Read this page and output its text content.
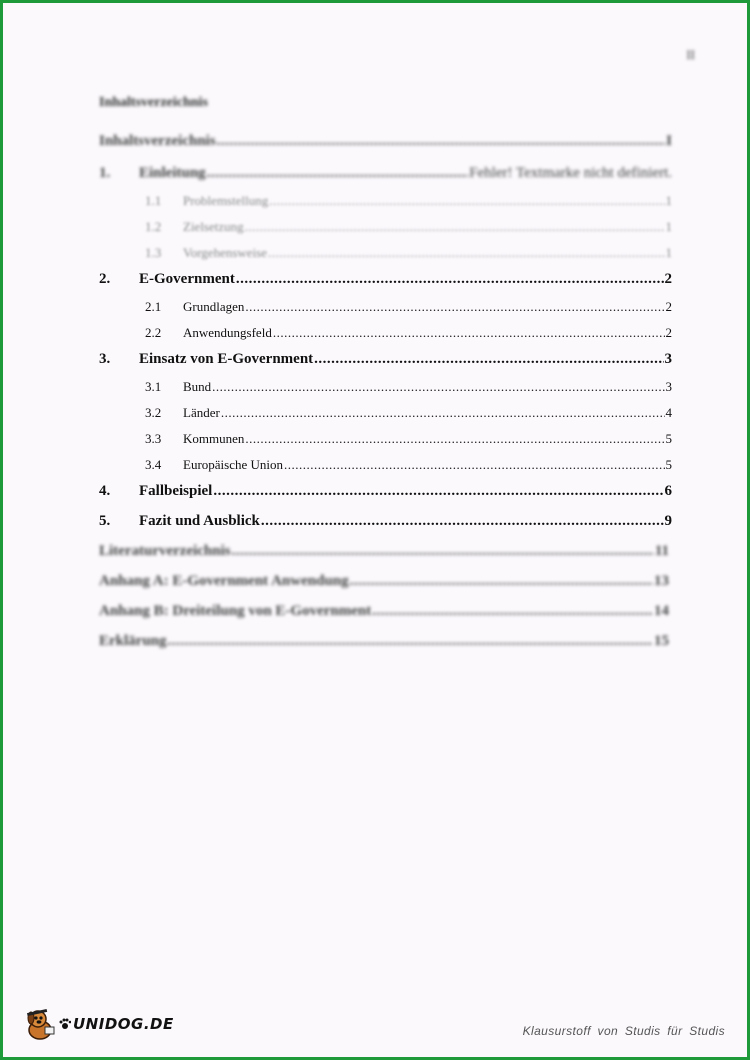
II
Inhaltsverzeichnis
Inhaltsverzeichnis .....	I
1. Einleitung .....	Fehler! Textmarke nicht definiert.
1.1 Problemstellung .....	1
1.2 Zielsetzung .....	1
1.3 Vorgehensweise .....	1
2. E-Government .....	2
2.1 Grundlagen .....	2
2.2 Anwendungsfeld .....	2
3. Einsatz von E-Government .....	3
3.1 Bund .....	3
3.2 Länder .....	4
3.3 Kommunen .....	5
3.4 Europäische Union .....	5
4. Fallbeispiel .....	6
5. Fazit und Ausblick .....	9
Literaturverzeichnis .....	11
Anhang A: E-Government Anwendung .....	13
Anhang B: Dreiteilung von E-Government .....	14
Erklärung .....	15
UNIDOG.DE	Klausurstoff von Studis für Studis
